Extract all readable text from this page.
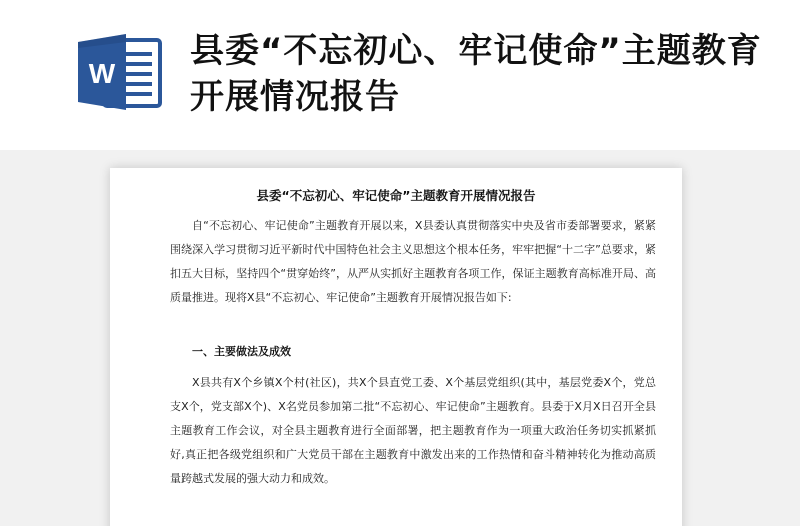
W
县委“不忘初心、牢记使命”主题教育开展情况报告
县委“不忘初心、牢记使命”主题教育开展情况报告
自“不忘初心、牢记使命”主题教育开展以来，X县委认真贯彻落实中央及省市委部署要求，紧紧围绕深入学习贯彻习近平新时代中国特色社会主义思想这个根本任务，牢牢把握“十二字”总要求，紧扣五大目标，坚持四个“贯穿始终”，从严从实抓好主题教育各项工作，保证主题教育高标准开局、高质量推进。现将X县“不忘初心、牢记使命”主题教育开展情况报告如下:
一、主要做法及成效
X县共有X个乡镇X个村(社区)，共X个县直党工委、X个基层党组织(其中，基层党委X个，党总支X个，党支部X个)、X名党员参加第二批“不忘初心、牢记使命”主题教育。县委于X月X日召开全县主题教育工作会议，对全县主题教育进行全面部署，把主题教育作为一项重大政治任务切实抓紧抓好,真正把各级党组织和广大党员干部在主题教育中激发出来的工作热情和奋斗精神转化为推动高质量跨越式发展的强大动力和成效。
